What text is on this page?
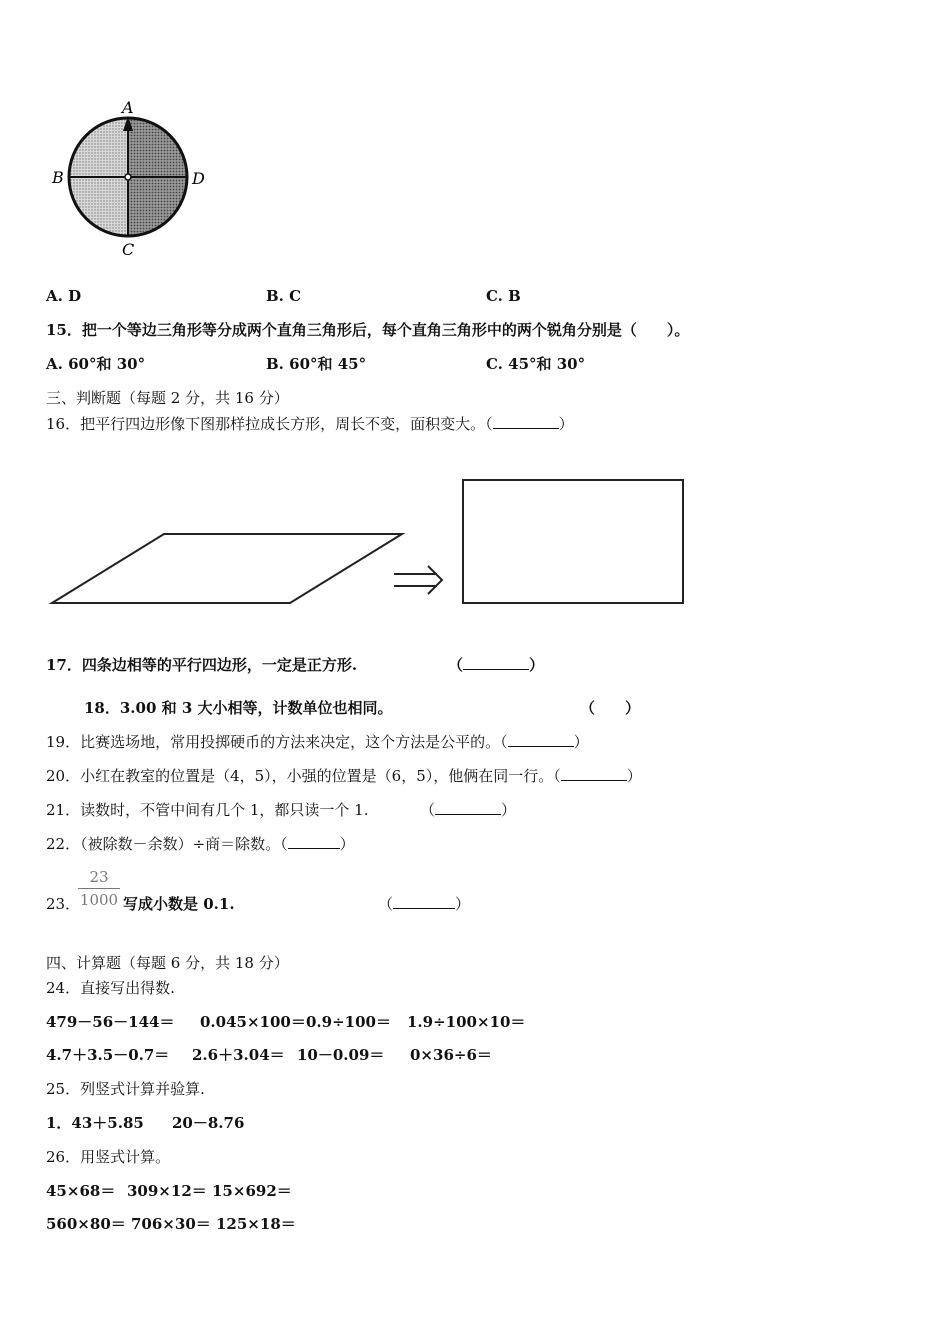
A
B	D
C
A. D	B. C	C. B
15．把一个等边三角形等分成两个直角三角形后，每个直角三角形中的两个锐角分别是（　　）。
A. 60°和 30°	B. 60°和 45°	C. 45°和 30°
三、判断题（每题 2 分，共 16 分）
16．把平行四边形像下图那样拉成长方形，周长不变，面积变大。（	）
17．四条边相等的平行四边形，一定是正方形.	（	）
18．3.00 和 3 大小相等，计数单位也相同。	（　　）
19．比赛选场地，常用投掷硬币的方法来决定，这个方法是公平的。（	）
20．小红在教室的位置是（4，5），小强的位置是（6，5），他俩在同一行。（	）
21．读数时，不管中间有几个 1，都只读一个 1.	（	）
22．（被除数－余数）÷商＝除数。（	）
23．
23
1000 写成小数是 0.1.	（	）
四、计算题（每题 6 分，共 18 分）
24．直接写出得数.
479－56－144＝ 0.045×100＝ 0.9÷100＝ 1.9÷100×10＝
4.7＋3.5－0.7＝ 2.6＋3.04＝ 10－0.09＝ 0×36÷6＝
25．列竖式计算并验算.
1．43＋5.85 20－8.76
26．用竖式计算。
45×68＝ 309×12＝ 15×692＝
560×80＝ 706×30＝ 125×18＝
